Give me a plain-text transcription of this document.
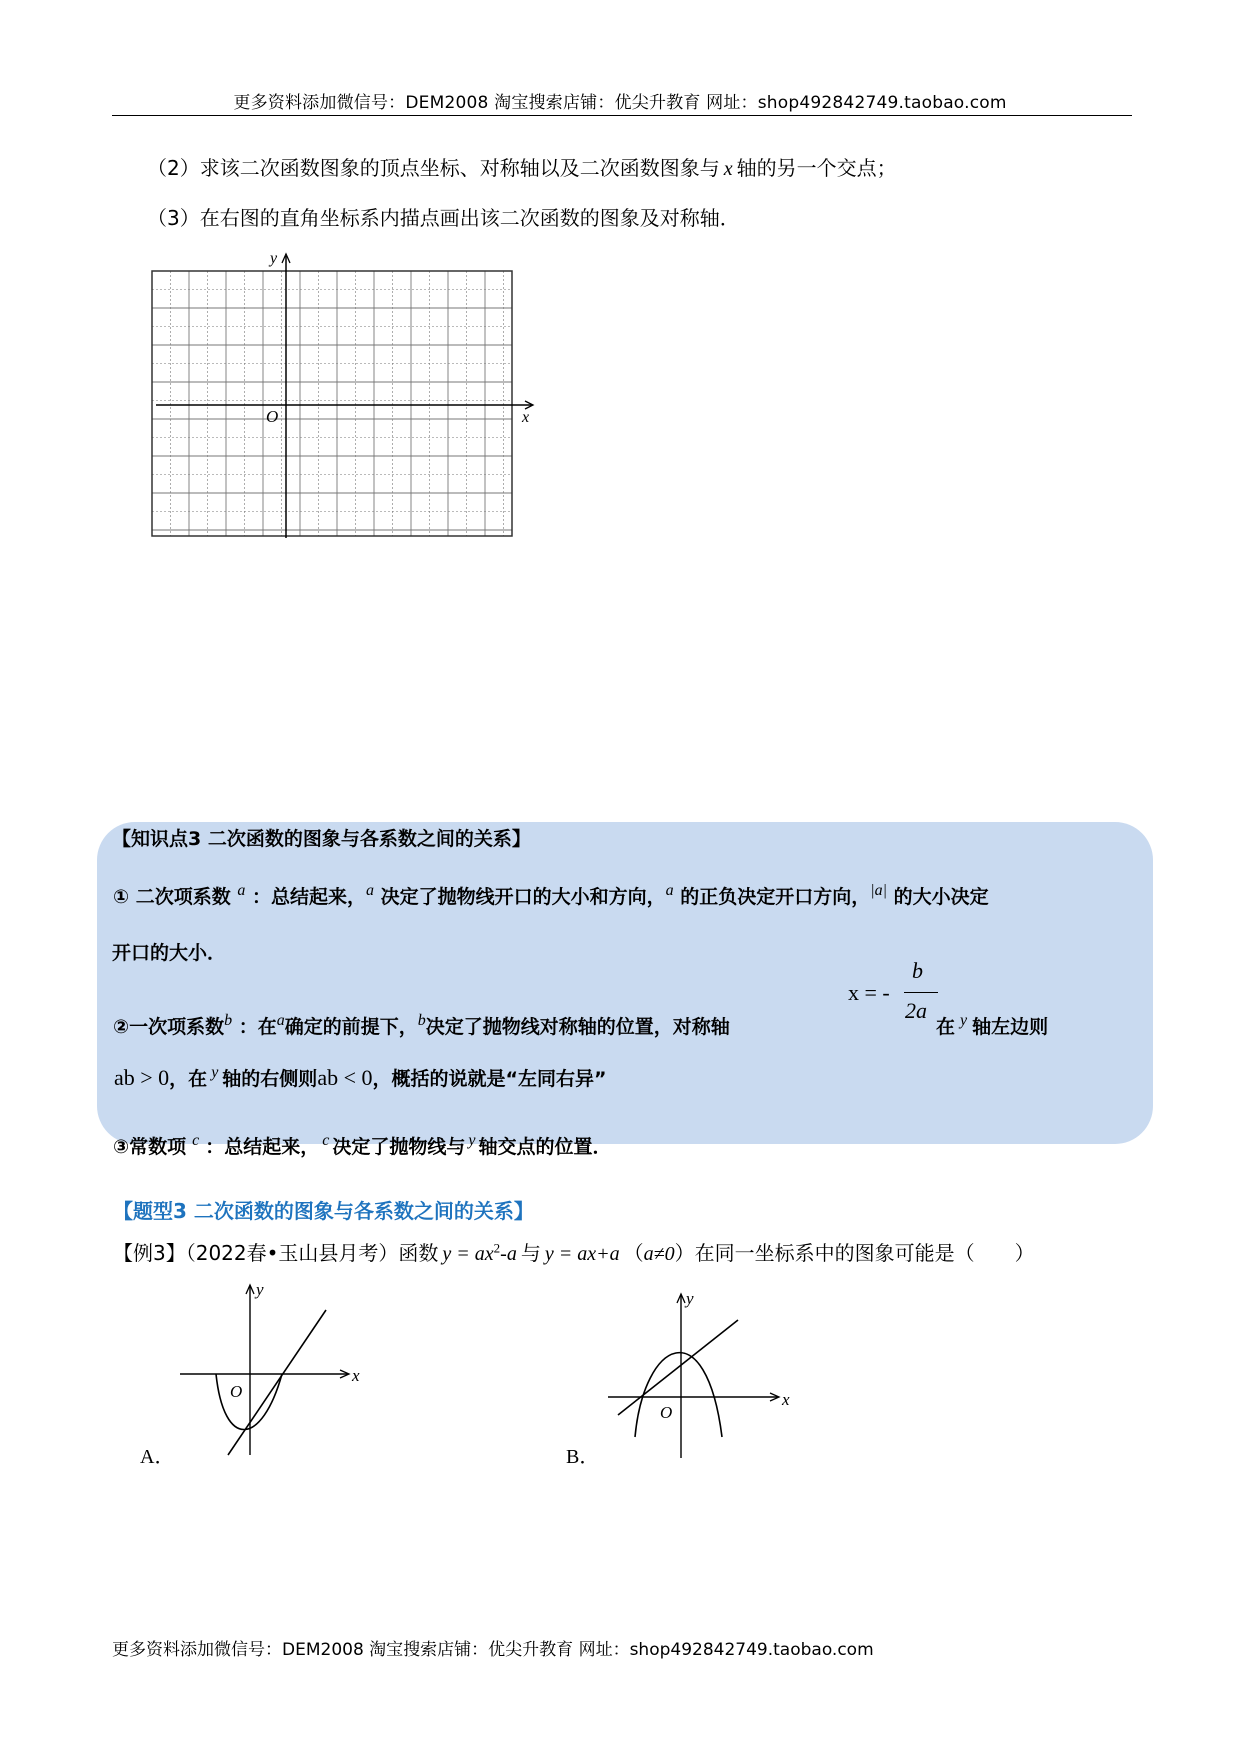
更多资料添加微信号：DEM2008 淘宝搜索店铺：优尖升教育 网址：shop492842749.taobao.com
（2）求该二次函数图象的顶点坐标、对称轴以及二次函数图象与 x 轴的另一个交点；
（3）在右图的直角坐标系内描点画出该二次函数的图象及对称轴．
y
x
O
【知识点3 二次函数的图象与各系数之间的关系】
① 二次项系数 $^a$ ：总结起来，$^a$ 决定了抛物线开口的大小和方向，$^a$ 的正负决定开口方向，$^{|a|}$ 的大小决定
开口的大小．
②一次项系数$^b$ ：在$^a$确定的前提下，$^b$决定了抛物线对称轴的位置，对称轴
x = -
b
2a
在 $^y$ 轴左边则
ab > 0，在 $^y$ 轴的右侧则ab < 0，概括的说就是“左同右异”
③常数项 $^c$ ：总结起来， $^c$ 决定了抛物线与 $^y$ 轴交点的位置．
【题型3 二次函数的图象与各系数之间的关系】
【例3】（2022春•玉山县月考）函数 $y = ax^2-a$ 与 y = ax+a （a≠0）在同一坐标系中的图象可能是（　　）
y
x
O
A．
y
x
O
B．
更多资料添加微信号：DEM2008 淘宝搜索店铺：优尖升教育 网址：shop492842749.taobao.com
